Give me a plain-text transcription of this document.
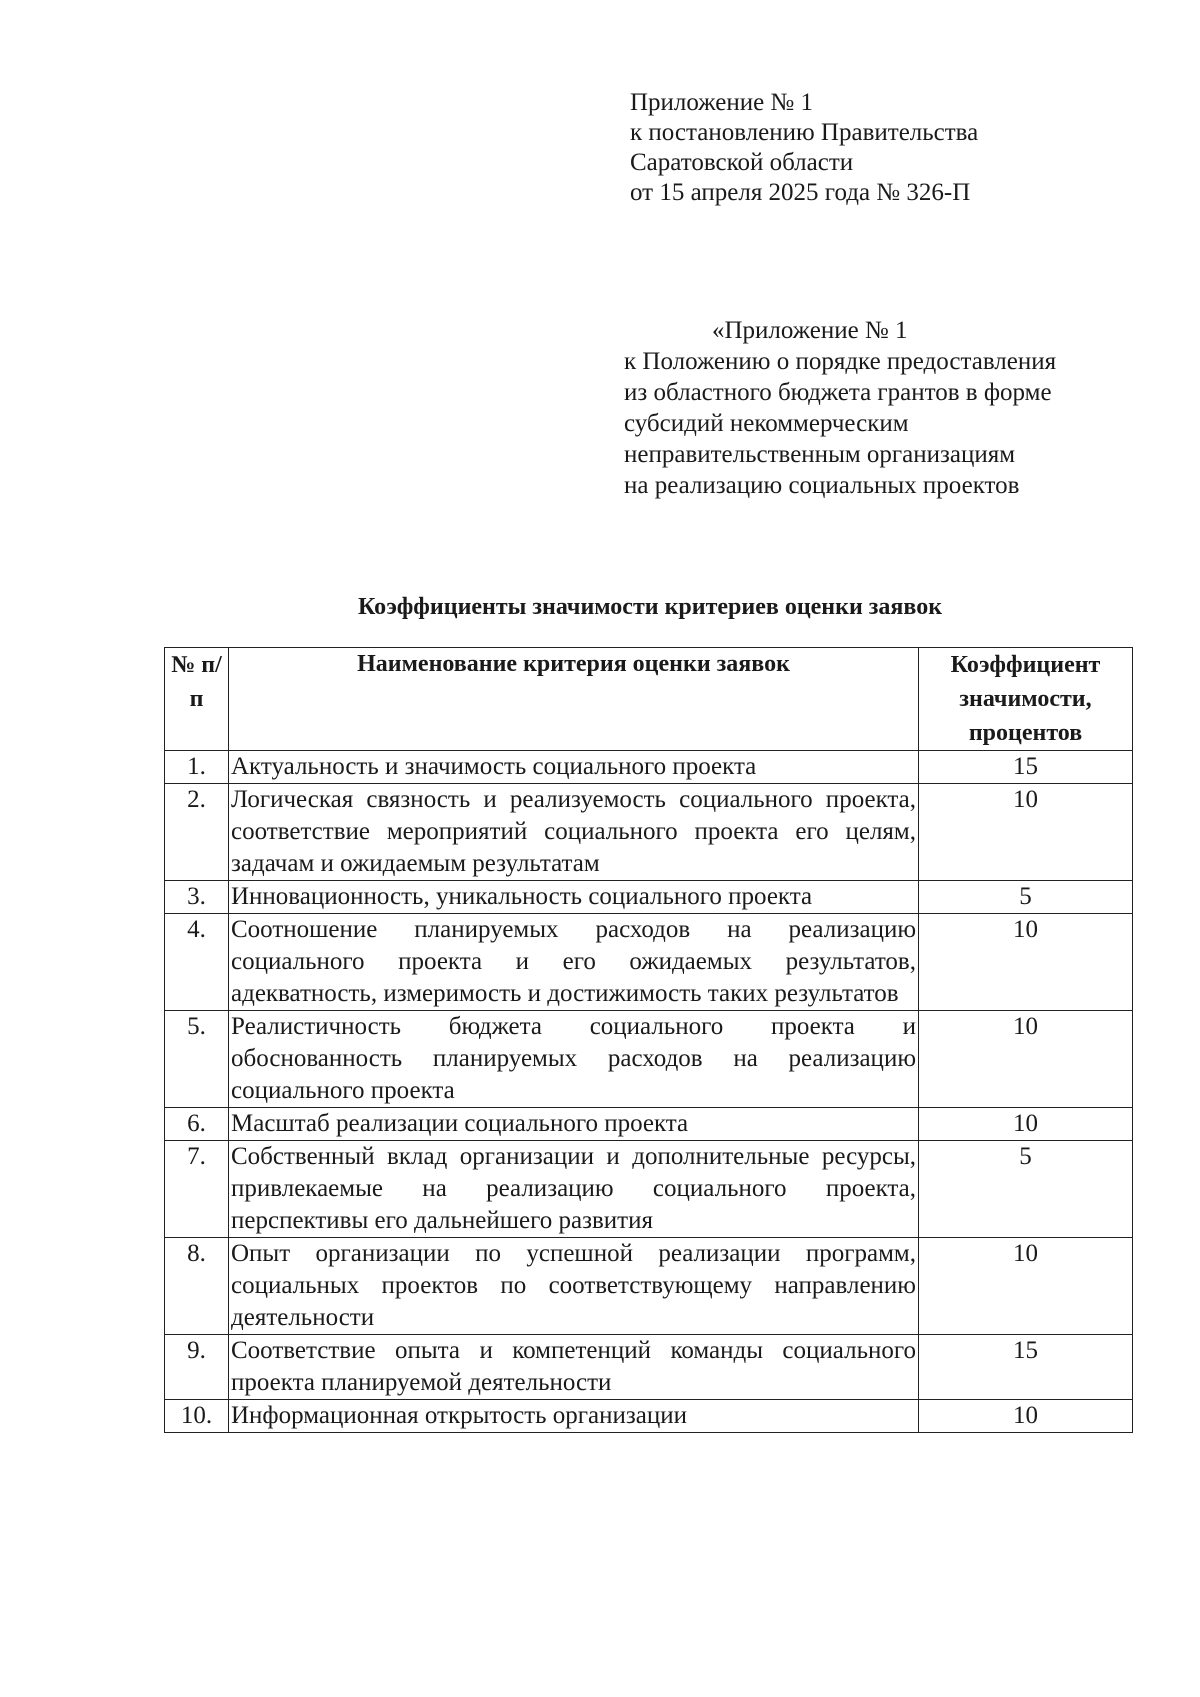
Приложение № 1
к постановлению Правительства
Саратовской области
от 15 апреля 2025 года № 326-П
«Приложение № 1
к Положению о порядке предоставления
из областного бюджета грантов в форме
субсидий некоммерческим
неправительственным организациям
на реализацию социальных проектов
Коэффициенты значимости критериев оценки заявок
№ п/п	Наименование критерия оценки заявок	Коэффициент значимости, процентов
1.	Актуальность и значимость социального проекта	15
2.	Логическая связность и реализуемость социального проекта, соответствие мероприятий социального проекта его целям, задачам и ожидаемым результатам	10
3.	Инновационность, уникальность социального проекта	5
4.	Соотношение планируемых расходов на реализацию социального проекта и его ожидаемых результатов, адекватность, измеримость и достижимость таких результатов	10
5.	Реалистичность бюджета социального проекта и обоснованность планируемых расходов на реализацию социального проекта	10
6.	Масштаб реализации социального проекта	10
7.	Собственный вклад организации и дополнительные ресурсы, привлекаемые на реализацию социального проекта, перспективы его дальнейшего развития	5
8.	Опыт организации по успешной реализации программ, социальных проектов по соответствующему направлению деятельности	10
9.	Соответствие опыта и компетенций команды социального проекта планируемой деятельности	15
10.	Информационная открытость организации	10
